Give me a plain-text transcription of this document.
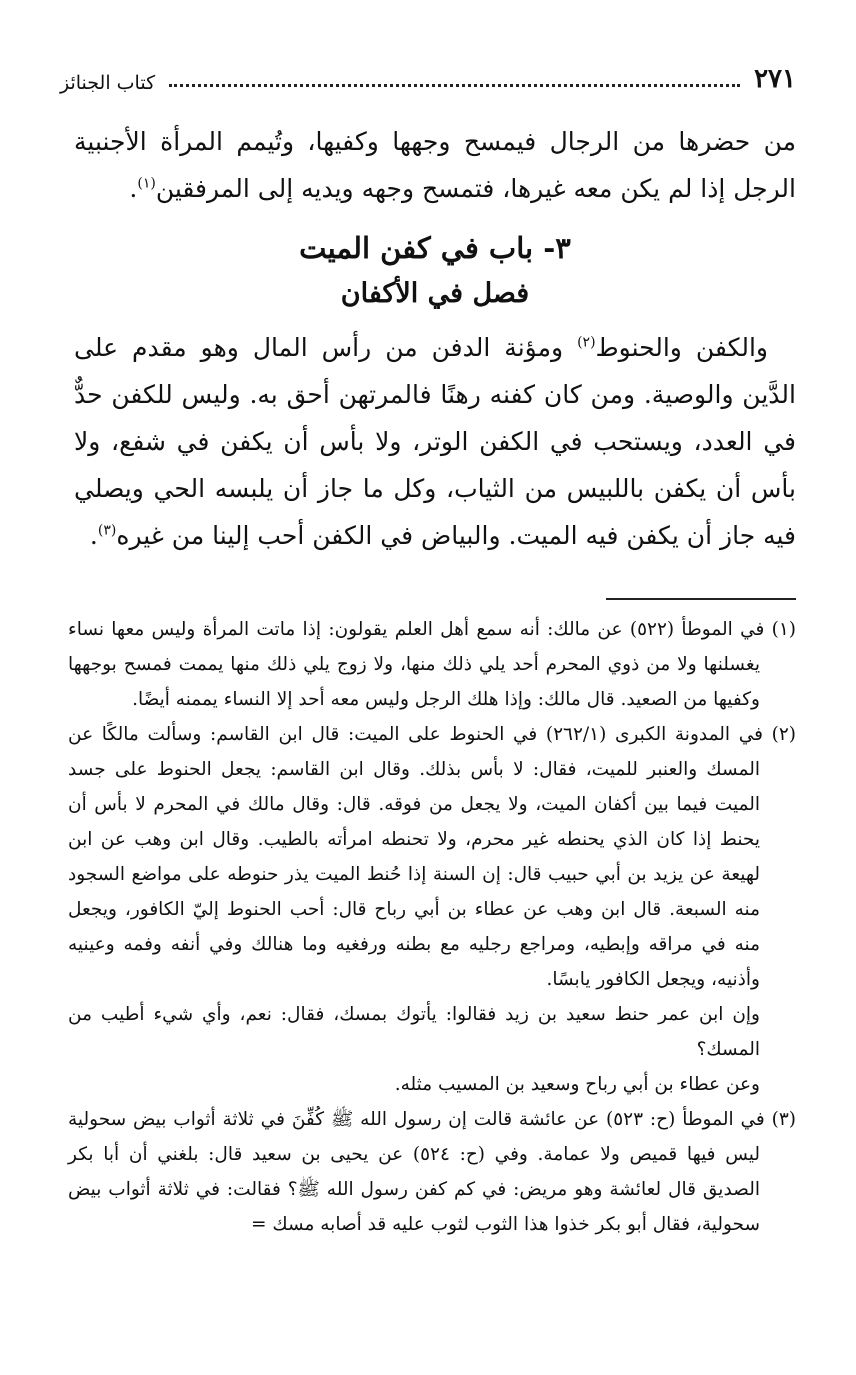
٢٧١
كتاب الجنائز

من حضرها من الرجال فيمسح وجهها وكفيها، وتُيمم المرأة الأجنبية الرجل إذا لم يكن معه غيرها، فتمسح وجهه ويديه إلى المرفقين$^{(١)}$.

٣- باب في كفن الميت
فصل في الأكفان

والكفن والحنوط$^{(٢)}$ ومؤنة الدفن من رأس المال وهو مقدم على الدَّين والوصية. ومن كان كفنه رهنًا فالمرتهن أحق به. وليس للكفن حدٌّ في العدد، ويستحب في الكفن الوتر، ولا بأس أن يكفن في شفع، ولا بأس أن يكفن باللبيس من الثياب، وكل ما جاز أن يلبسه الحي ويصلي فيه جاز أن يكفن فيه الميت. والبياض في الكفن أحب إلينا من غيره$^{(٣)}$.

(١) في الموطأ (٥٢٢) عن مالك: أنه سمع أهل العلم يقولون: إذا ماتت المرأة وليس معها نساء يغسلنها ولا من ذوي المحرم أحد يلي ذلك منها، ولا زوج يلي ذلك منها يممت فمسح بوجهها وكفيها من الصعيد. قال مالك: وإذا هلك الرجل وليس معه أحد إلا النساء يممنه أيضًا.

(٢) في المدونة الكبرى (٢٦٢/١) في الحنوط على الميت: قال ابن القاسم: وسألت مالكًا عن المسك والعنبر للميت، فقال: لا بأس بذلك. وقال ابن القاسم: يجعل الحنوط على جسد الميت فيما بين أكفان الميت، ولا يجعل من فوقه. قال: وقال مالك في المحرم لا بأس أن يحنط إذا كان الذي يحنطه غير محرم، ولا تحنطه امرأته بالطيب. وقال ابن وهب عن ابن لهيعة عن يزيد بن أبي حبيب قال: إن السنة إذا حُنط الميت يذر حنوطه على مواضع السجود منه السبعة. قال ابن وهب عن عطاء بن أبي رباح قال: أحب الحنوط إليّ الكافور، ويجعل منه في مراقه وإبطيه، ومراجع رجليه مع بطنه ورفغيه وما هنالك وفي أنفه وفمه وعينيه وأذنيه، ويجعل الكافور يابسًا.

وإن ابن عمر حنط سعيد بن زيد فقالوا: يأتوك بمسك، فقال: نعم، وأي شيء أطيب من المسك؟

وعن عطاء بن أبي رباح وسعيد بن المسيب مثله.

(٣) في الموطأ (ح: ٥٢٣) عن عائشة قالت إن رسول الله ﷺ كُفِّنَ في ثلاثة أثواب بيض سحولية ليس فيها قميص ولا عمامة. وفي (ح: ٥٢٤) عن يحيى بن سعيد قال: بلغني أن أبا بكر الصديق قال لعائشة وهو مريض: في كم كفن رسول الله ﷺ؟ فقالت: في ثلاثة أثواب بيض سحولية، فقال أبو بكر خذوا هذا الثوب لثوب عليه قد أصابه مسك =
